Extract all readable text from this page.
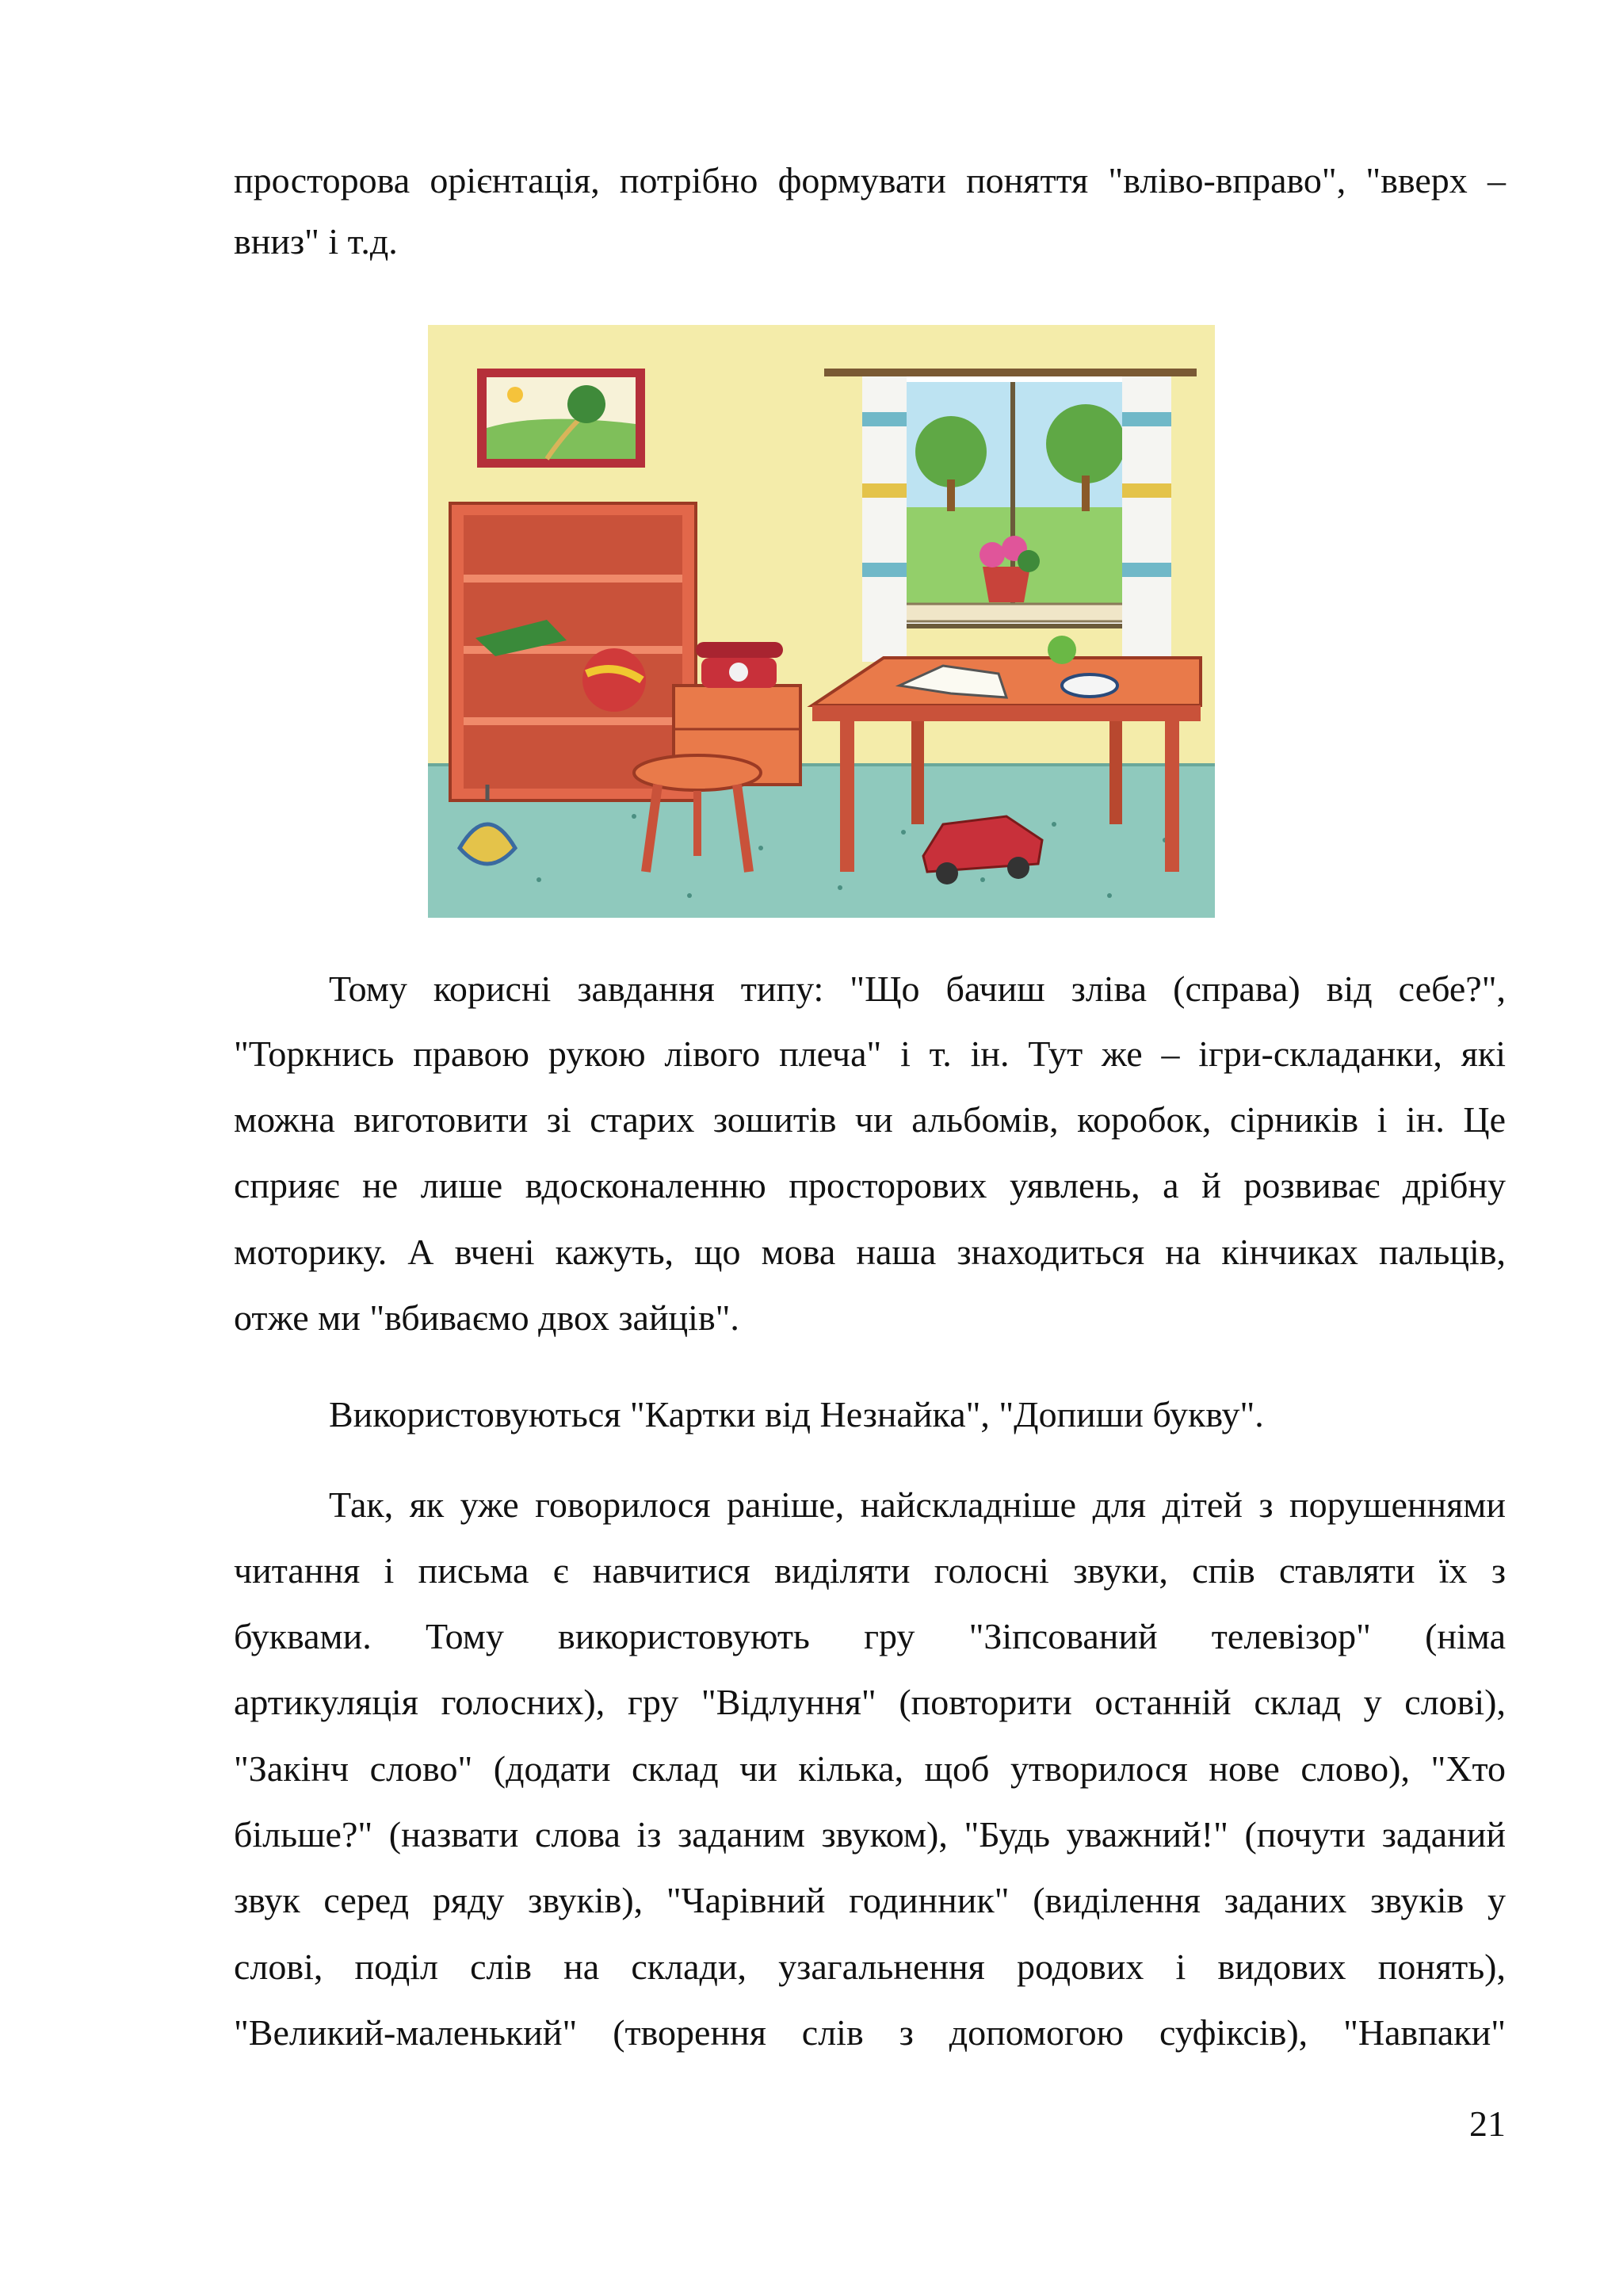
просторова орієнтація, потрібно формувати поняття "вліво-вправо", "вверх –
вниз" і т.д.
Тому корисні завдання типу: "Що бачиш зліва (справа) від себе?",
"Торкнись правою рукою лівого плеча" і т. ін. Тут же – ігри-складанки, які
можна виготовити зі старих зошитів чи альбомів, коробок, сірників і ін. Це
сприяє не лише вдосконаленню просторових уявлень, а й розвиває дрібну
моторику. А вчені кажуть, що мова наша знаходиться на кінчиках пальців,
отже ми "вбиваємо двох зайців".
Використовуються "Картки від Незнайка", "Допиши букву".
Так, як уже говорилося раніше, найскладніше для дітей з порушеннями
читання і письма є навчитися виділяти голосні звуки, спів ставляти їх з
буквами. Тому використовують гру "Зіпсований телевізор" (німа
артикуляція голосних), гру "Відлуння" (повторити останній склад у слові),
"Закінч слово" (додати склад чи кілька, щоб утворилося нове слово), "Хто
більше?" (назвати слова із заданим звуком), "Будь уважний!" (почути заданий
звук серед ряду звуків), "Чарівний годинник" (виділення заданих звуків у
слові, поділ слів на склади, узагальнення родових і видових понять),
"Великий-маленький" (творення слів з допомогою суфіксів), "Навпаки"
21
